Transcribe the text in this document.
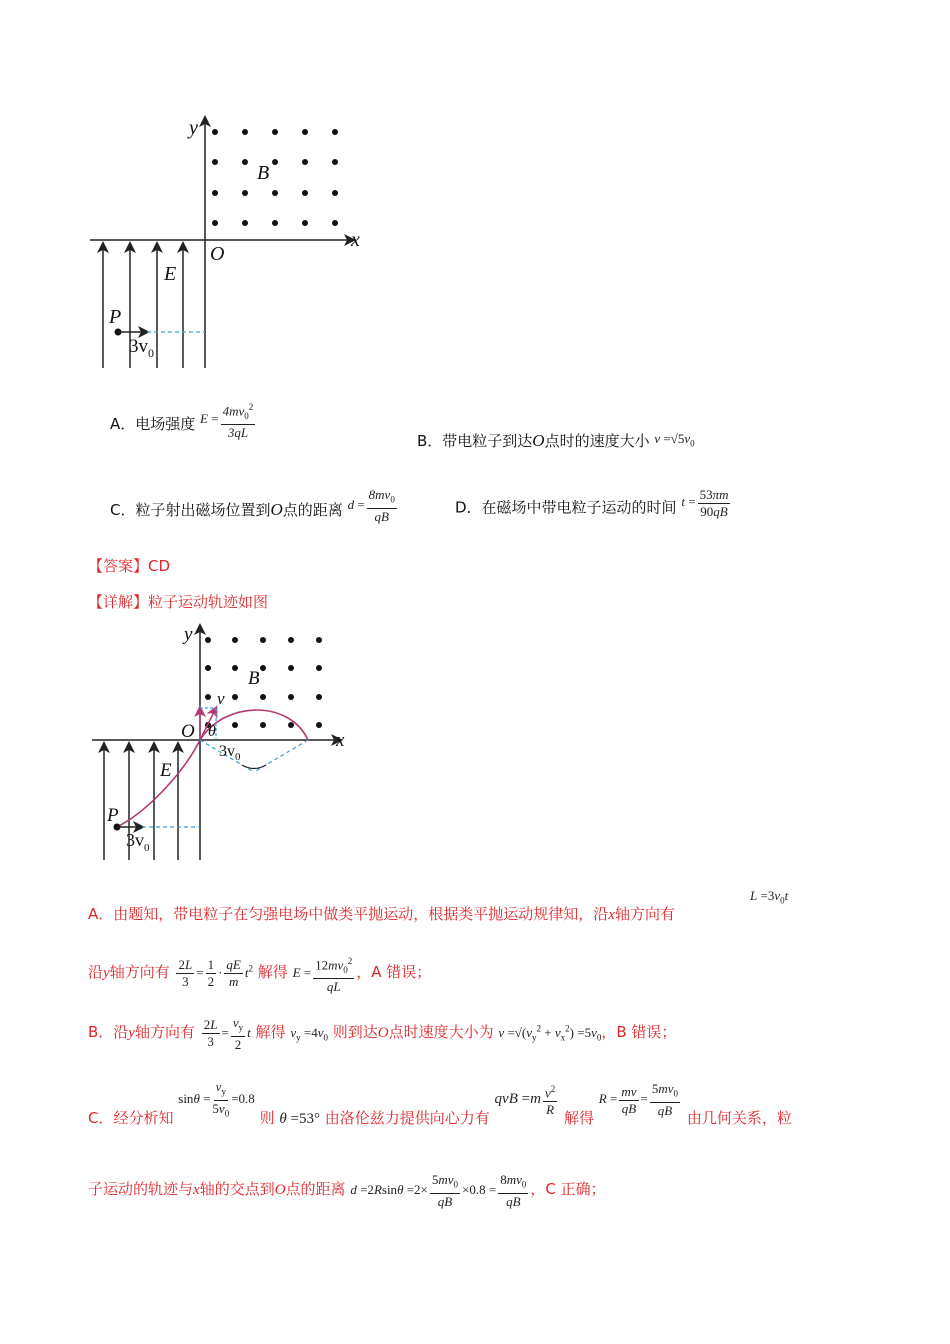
y
x
O
B
E
P
$3v_0$
A．电场强度 $E = \frac{4mv_0^2}{3qL}$
B．带电粒子到达O点时的速度大小 $v =√5v_0$
C．粒子射出磁场位置到O点的距离 $d = \frac{8mv_0}{qB}$	D．在磁场中带电粒子运动的时间 $t = \frac{53\pi m}{90qB}$
【答案】CD
【详解】粒子运动轨迹如图
y
x
O
B
E
P
v
θ
$3v_0$
$3v_0$
A．由题知，带电粒子在匀强电场中做类平抛运动，根据类平抛运动规律知，沿x轴方向有
$L =3v_0t$
沿y轴方向有 $\frac{2L}{3} = \frac{1}{2} \cdot \frac{qE}{m} t^2$ 解得 $E = \frac{12mv_0^2}{qL}$ ，A 错误；
B．沿y轴方向有 $\frac{2L}{3} = \frac{v_y}{2}$ t 解得 $v_y =4v_0$ 则到达O点时速度大小为 $v =√(v_y^2 + v_x^2) =5v_0$，B 错误；
C．经分析知 $\sin\theta = \frac{v_y}{5v_0} =0.8$ 则 θ =53° 由洛伦兹力提供向心力有 qvB $=m \frac{v^2}{R}$ 解得 $R = \frac{mv}{qB} = \frac{5mv_0}{qB}$ 由几何关系，粒
子运动的轨迹与x轴的交点到O点的距离 $d =2Rsin\theta =2\times \frac{5mv_0}{qB} \times 0.8 = \frac{8mv_0}{qB}$ ，C 正确；
